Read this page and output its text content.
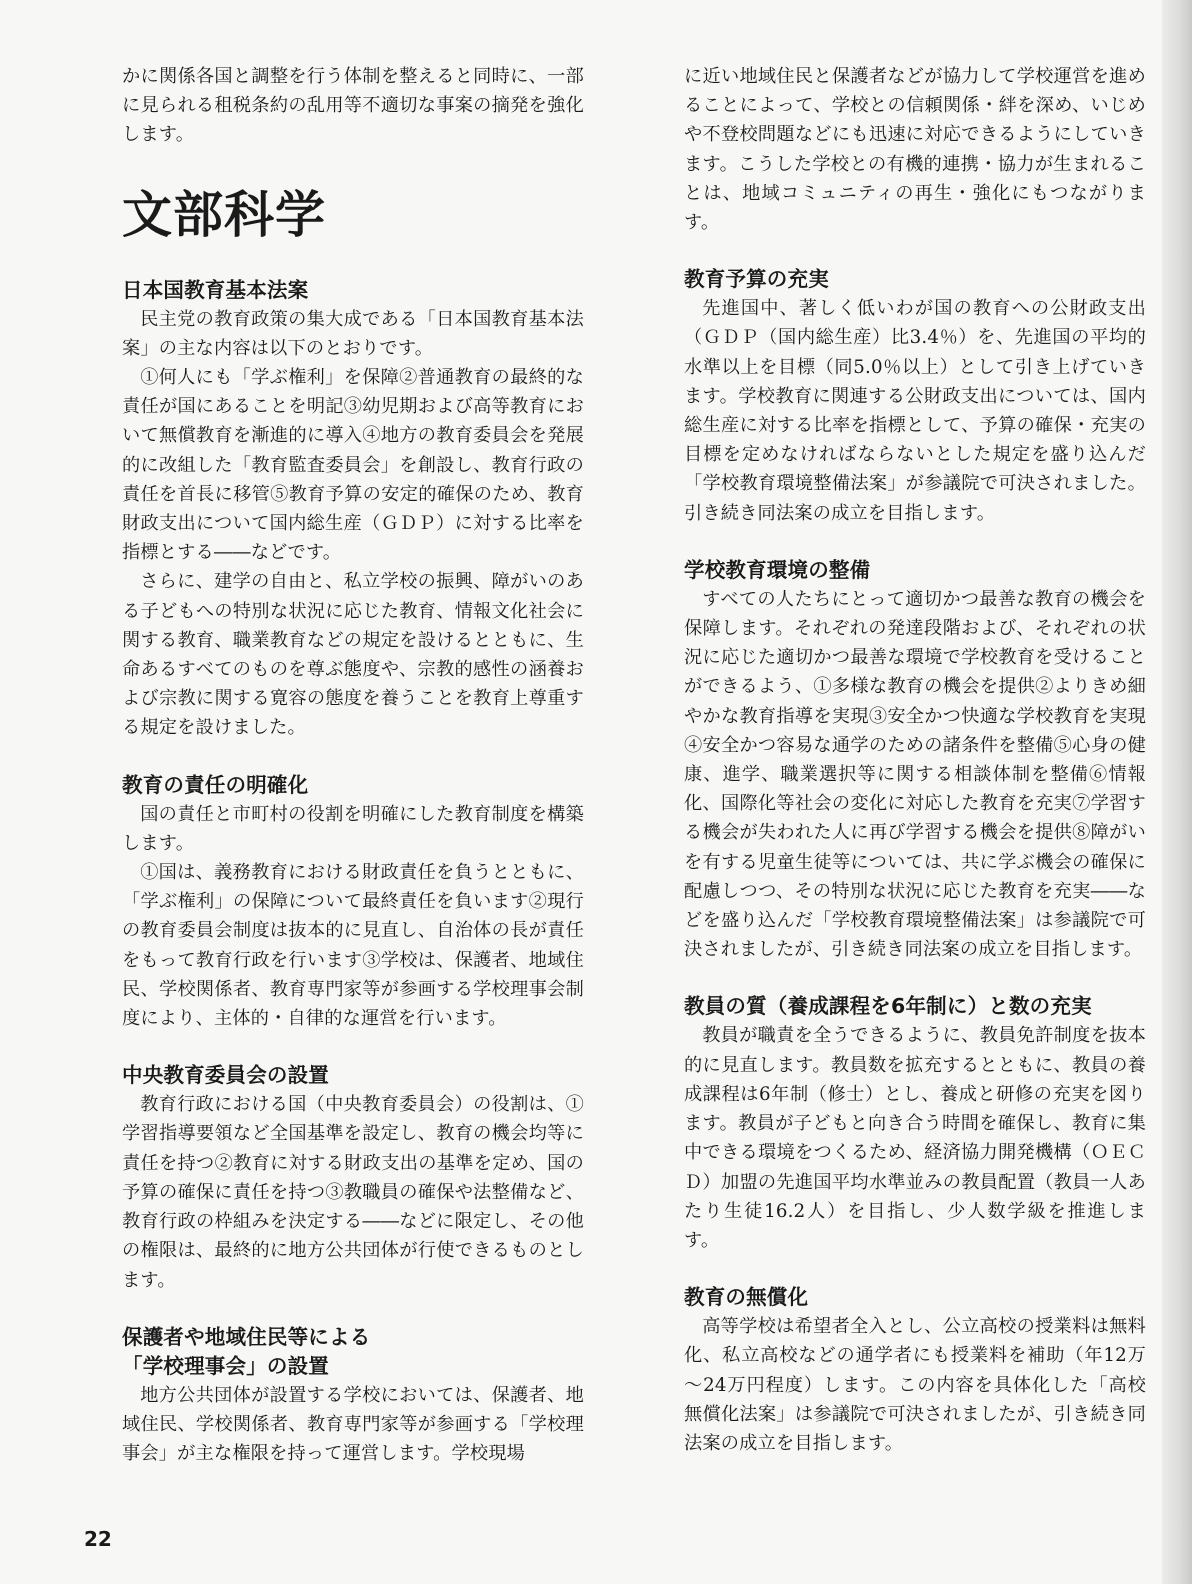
かに関係各国と調整を行う体制を整えると同時に、一部に見られる租税条約の乱用等不適切な事案の摘発を強化します。

文部科学
日本国教育基本法案

民主党の教育政策の集大成である「日本国教育基本法案」の主な内容は以下のとおりです。

①何人にも「学ぶ権利」を保障②普通教育の最終的な責任が国にあることを明記③幼児期および高等教育において無償教育を漸進的に導入④地方の教育委員会を発展的に改組した「教育監査委員会」を創設し、教育行政の責任を首長に移管⑤教育予算の安定的確保のため、教育財政支出について国内総生産（ＧＤＰ）に対する比率を指標とする――などです。

さらに、建学の自由と、私立学校の振興、障がいのある子どもへの特別な状況に応じた教育、情報文化社会に関する教育、職業教育などの規定を設けるとともに、生命あるすべてのものを尊ぶ態度や、宗教的感性の涵養および宗教に関する寛容の態度を養うことを教育上尊重する規定を設けました。

教育の責任の明確化

国の責任と市町村の役割を明確にした教育制度を構築します。

①国は、義務教育における財政責任を負うとともに、「学ぶ権利」の保障について最終責任を負います②現行の教育委員会制度は抜本的に見直し、自治体の長が責任をもって教育行政を行います③学校は、保護者、地域住民、学校関係者、教育専門家等が参画する学校理事会制度により、主体的・自律的な運営を行います。

中央教育委員会の設置

教育行政における国（中央教育委員会）の役割は、①学習指導要領など全国基準を設定し、教育の機会均等に責任を持つ②教育に対する財政支出の基準を定め、国の予算の確保に責任を持つ③教職員の確保や法整備など、教育行政の枠組みを決定する――などに限定し、その他の権限は、最終的に地方公共団体が行使できるものとします。

保護者や地域住民等による
「学校理事会」の設置

地方公共団体が設置する学校においては、保護者、地域住民、学校関係者、教育専門家等が参画する「学校理事会」が主な権限を持って運営します。学校現場

に近い地域住民と保護者などが協力して学校運営を進めることによって、学校との信頼関係・絆を深め、いじめや不登校問題などにも迅速に対応できるようにしていきます。こうした学校との有機的連携・協力が生まれることは、地域コミュニティの再生・強化にもつながります。

教育予算の充実

先進国中、著しく低いわが国の教育への公財政支出（ＧＤＰ（国内総生産）比3.4％）を、先進国の平均的水準以上を目標（同5.0％以上）として引き上げていきます。学校教育に関連する公財政支出については、国内総生産に対する比率を指標として、予算の確保・充実の目標を定めなければならないとした規定を盛り込んだ「学校教育環境整備法案」が参議院で可決されました。引き続き同法案の成立を目指します。

学校教育環境の整備

すべての人たちにとって適切かつ最善な教育の機会を保障します。それぞれの発達段階および、それぞれの状況に応じた適切かつ最善な環境で学校教育を受けることができるよう、①多様な教育の機会を提供②よりきめ細やかな教育指導を実現③安全かつ快適な学校教育を実現④安全かつ容易な通学のための諸条件を整備⑤心身の健康、進学、職業選択等に関する相談体制を整備⑥情報化、国際化等社会の変化に対応した教育を充実⑦学習する機会が失われた人に再び学習する機会を提供⑧障がいを有する児童生徒等については、共に学ぶ機会の確保に配慮しつつ、その特別な状況に応じた教育を充実――などを盛り込んだ「学校教育環境整備法案」は参議院で可決されましたが、引き続き同法案の成立を目指します。

教員の質（養成課程を6年制に）と数の充実

教員が職責を全うできるように、教員免許制度を抜本的に見直します。教員数を拡充するとともに、教員の養成課程は6年制（修士）とし、養成と研修の充実を図ります。教員が子どもと向き合う時間を確保し、教育に集中できる環境をつくるため、経済協力開発機構（ＯＥＣＤ）加盟の先進国平均水準並みの教員配置（教員一人あたり生徒16.2人）を目指し、少人数学級を推進します。

教育の無償化

高等学校は希望者全入とし、公立高校の授業料は無料化、私立高校などの通学者にも授業料を補助（年12万～24万円程度）します。この内容を具体化した「高校無償化法案」は参議院で可決されましたが、引き続き同法案の成立を目指します。

22
